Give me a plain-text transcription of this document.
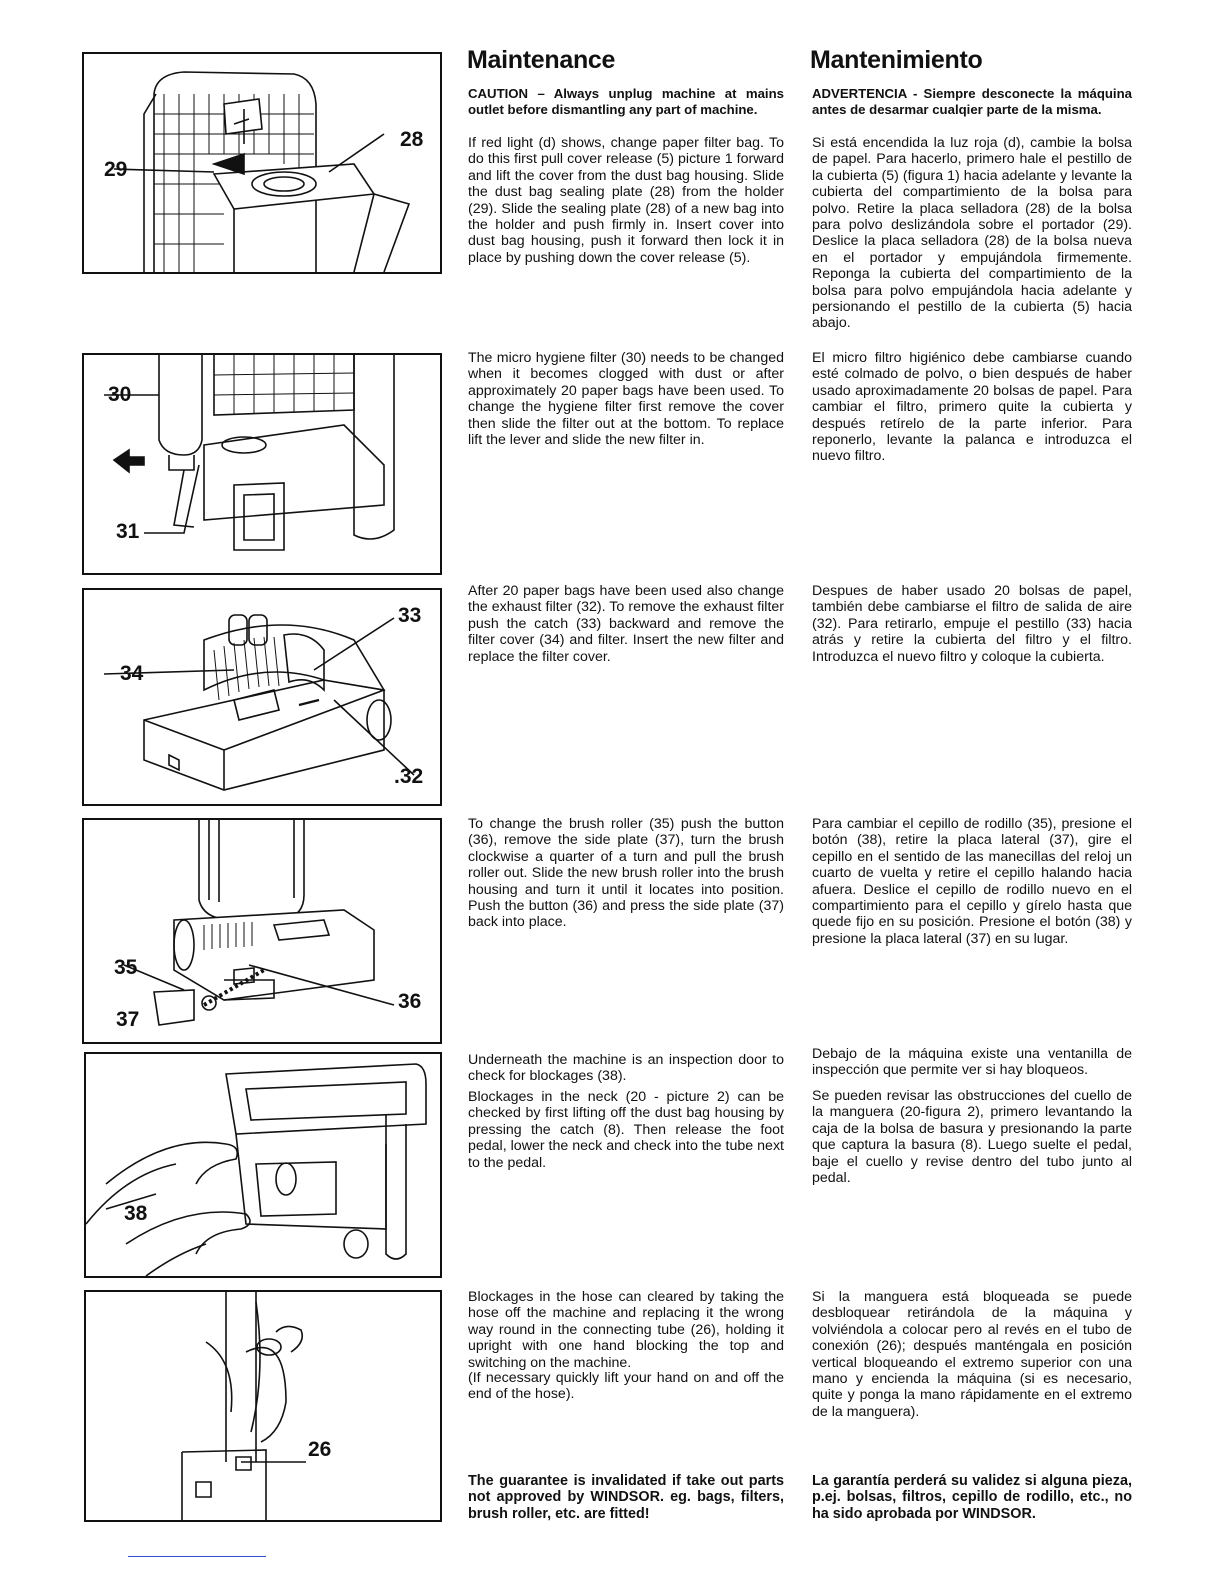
29
28
30
31
33
34
.32
35
37
36
38
26
Maintenance	Mantenimiento

CAUTION – Always unplug machine at mains outlet before dismantling any part of machine.

ADVERTENCIA - Siempre desconecte la máquina antes de desarmar cualqier parte de la misma.

If red light (d) shows, change paper filter bag. To do this first pull cover release (5) picture 1 forward and lift the cover from the dust bag housing. Slide the dust bag sealing plate (28) from the holder (29). Slide the sealing plate (28) of a new bag into the holder and push firmly in. Insert cover into dust bag housing, push it forward then lock it in place by pushing down the cover release (5).

Si está encendida la luz roja (d), cambie la bolsa de papel. Para hacerlo, primero hale el pestillo de la cubierta (5) (figura 1) hacia adelante y levante la cubierta del compartimiento de la bolsa para polvo. Retire la placa selladora (28) de la bolsa para polvo deslizándola sobre el portador (29). Deslice la placa selladora (28) de la bolsa nueva en el portador y empujándola firmemente. Reponga la cubierta del compartimiento de la bolsa para polvo empujándola hacia adelante y persionando el pestillo de la cubierta (5) hacia abajo.

The micro hygiene filter (30) needs to be changed when it becomes clogged with dust or after approximately 20 paper bags have been used. To change the hygiene filter first remove the cover then slide the filter out at the bottom. To replace lift the lever and slide the new filter in.

El micro filtro higiénico debe cambiarse cuando esté colmado de polvo, o bien después de haber usado aproximadamente 20 bolsas de papel. Para cambiar el filtro, primero quite la cubierta y después retírelo de la parte inferior. Para reponerlo, levante la palanca e introduzca el nuevo filtro.

After 20 paper bags have been used also change the exhaust filter (32). To remove the exhaust filter push the catch (33) backward and remove the filter cover (34) and filter. Insert the new filter and replace the filter cover.

Despues de haber usado 20 bolsas de papel, también debe cambiarse el filtro de salida de aire (32). Para retirarlo, empuje el pestillo (33) hacia atrás y retire la cubierta del filtro y el filtro. Introduzca el nuevo filtro y coloque la cubierta.

To change the brush roller (35) push the button (36), remove the side plate (37), turn the brush clockwise a quarter of a turn and pull the brush roller out. Slide the new brush roller into the brush housing and turn it until it locates into position. Push the button (36) and press the side plate (37) back into place.

Para cambiar el cepillo de rodillo (35), presione el botón (38), retire la placa lateral (37), gire el cepillo en el sentido de las manecillas del reloj un cuarto de vuelta y retire el cepillo halando hacia afuera. Deslice el cepillo de rodillo nuevo en el compartimiento para el cepillo y gírelo hasta que quede fijo en su posición. Presione el botón (38) y presione la placa lateral (37) en su lugar.

Underneath the machine is an inspection door to check for blockages (38).

Blockages in the neck (20 - picture 2) can be checked by first lifting off the dust bag housing by pressing the catch (8). Then release the foot pedal, lower the neck and check into the tube next to the pedal.

Debajo de la máquina existe una ventanilla de inspección que permite ver si hay bloqueos.

Se pueden revisar las obstrucciones del cuello de la manguera (20-figura 2), primero levantando la caja de la bolsa de basura y presionando la parte que captura la basura (8). Luego suelte el pedal, baje el cuello y revise dentro del tubo junto al pedal.

Blockages in the hose can cleared by taking the hose off the machine and replacing it the wrong way round in the connecting tube (26), holding it upright with one hand blocking the top and switching on the machine.

(If necessary quickly lift your hand on and off the end of the hose).

Si la manguera está bloqueada se puede desbloquear retirándola de la máquina y volviéndola a colocar pero al revés en el tubo de conexión (26); después manténgala en posición vertical bloqueando el extremo superior con una mano y encienda la máquina (si es necesario, quite y ponga la mano rápidamente en el extremo de la manguera).

The guarantee is invalidated if take out parts not approved by WINDSOR. eg. bags, filters, brush roller, etc. are fitted!

La garantía perderá su validez si alguna pieza, p.ej. bolsas, filtros, cepillo de rodillo, etc., no ha sido aprobada por WINDSOR.
